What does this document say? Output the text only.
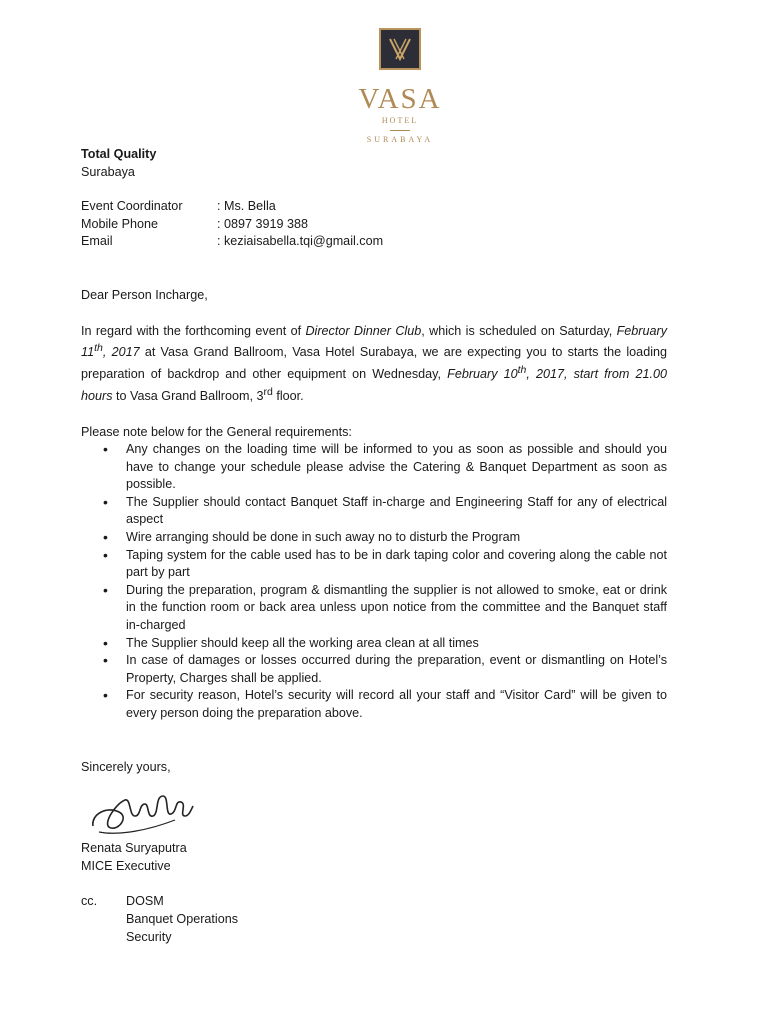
VASA
HOTEL
SURABAYA
Total Quality
Surabaya
Event Coordinator	: Ms. Bella
Mobile Phone	: 0897 3919 388
Email	: keziaisabella.tqi@gmail.com
Dear Person Incharge,
In regard with the forthcoming event of Director Dinner Club, which is scheduled on Saturday, February 11th, 2017 at Vasa Grand Ballroom, Vasa Hotel Surabaya, we are expecting you to starts the loading preparation of backdrop and other equipment on Wednesday, February 10th, 2017, start from 21.00 hours to Vasa Grand Ballroom, 3rd floor.
Please note below for the General requirements:
• Any changes on the loading time will be informed to you as soon as possible and should you have to change your schedule please advise the Catering & Banquet Department as soon as possible.
• The Supplier should contact Banquet Staff in-charge and Engineering Staff for any of electrical aspect
• Wire arranging should be done in such away no to disturb the Program
• Taping system for the cable used has to be in dark taping color and covering along the cable not part by part
• During the preparation, program & dismantling the supplier is not allowed to smoke, eat or drink in the function room or back area unless upon notice from the committee and the Banquet staff in-charged
• The Supplier should keep all the working area clean at all times
• In case of damages or losses occurred during the preparation, event or dismantling on Hotel’s Property, Charges shall be applied.
• For security reason, Hotel’s security will record all your staff and “Visitor Card” will be given to every person doing the preparation above.
Sincerely yours,
Renata Suryaputra
MICE Executive
cc.	DOSM
Banquet Operations
Security
